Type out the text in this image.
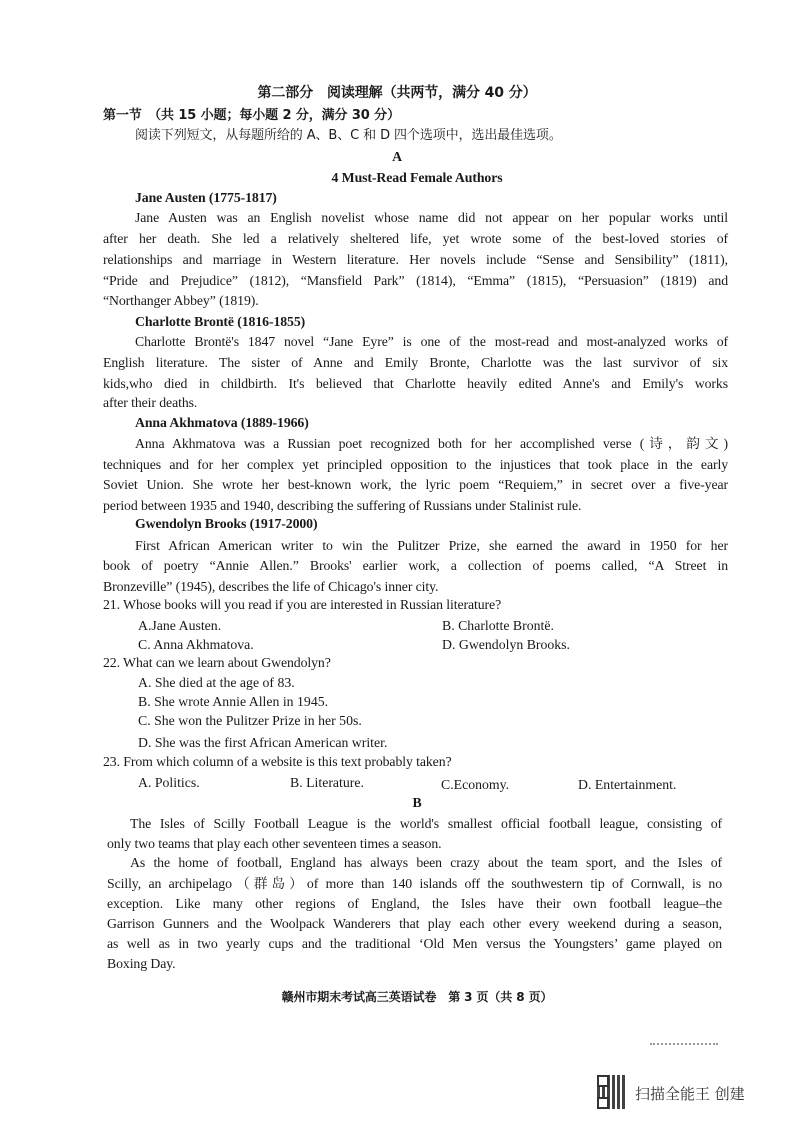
第二部分　阅读理解（共两节，满分 40 分）
第一节　（共 15 小题；每小题 2 分，满分 30 分）
阅读下列短文，从每题所给的 A、B、C 和 D 四个选项中，选出最佳选项。
A
4 Must-Read Female Authors
Jane Austen (1775-1817)
Jane Austen was an English novelist whose name did not appear on her popular works until
after her death. She led a relatively sheltered life, yet wrote some of the best-loved stories of
relationships and marriage in Western literature. Her novels include “Sense and Sensibility” (1811),
“Pride and Prejudice” (1812), “Mansfield Park” (1814), “Emma” (1815), “Persuasion” (1819) and
“Northanger Abbey” (1819).
Charlotte Brontë (1816-1855)
Charlotte Brontë's 1847 novel “Jane Eyre” is one of the most-read and most-analyzed works of
English literature. The sister of Anne and Emily Bronte, Charlotte was the last survivor of six
kids,who died in childbirth. It's believed that Charlotte heavily edited Anne's and Emily's works
after their deaths.
Anna Akhmatova (1889-1966)
Anna Akhmatova was a Russian poet recognized both for her accomplished verse (诗，韵文)
techniques and for her complex yet principled opposition to the injustices that took place in the early
Soviet Union. She wrote her best-known work, the lyric poem “Requiem,” in secret over a five-year
period between 1935 and 1940, describing the suffering of Russians under Stalinist rule.
Gwendolyn Brooks (1917-2000)
First African American writer to win the Pulitzer Prize, she earned the award in 1950 for her
book of poetry “Annie Allen.” Brooks' earlier work, a collection of poems called, “A Street in
Bronzeville” (1945), describes the life of Chicago's inner city.
21. Whose books will you read if you are interested in Russian literature?
A.Jane Austen.	B. Charlotte Brontë.
C. Anna Akhmatova.	D. Gwendolyn Brooks.
22. What can we learn about Gwendolyn?
A. She died at the age of 83.
B. She wrote Annie Allen in 1945.
C. She won the Pulitzer Prize in her 50s.
D. She was the first African American writer.
23. From which column of a website is this text probably taken?
A. Politics.	B. Literature.	C.Economy.	D. Entertainment.
B
The Isles of Scilly Football League is the world's smallest official football league, consisting of
only two teams that play each other seventeen times a season.
As the home of football, England has always been crazy about the team sport, and the Isles of
Scilly, an archipelago（群岛）of more than 140 islands off the southwestern tip of Cornwall, is no
exception. Like many other regions of England, the Isles have their own football league–the
Garrison Gunners and the Woolpack Wanderers that play each other every weekend during a season,
as well as in two yearly cups and the traditional ‘Old Men versus the Youngsters’ game played on
Boxing Day.
赣州市期末考试高三英语试卷　第 3 页（共 8 页）
扫描全能王 创建
